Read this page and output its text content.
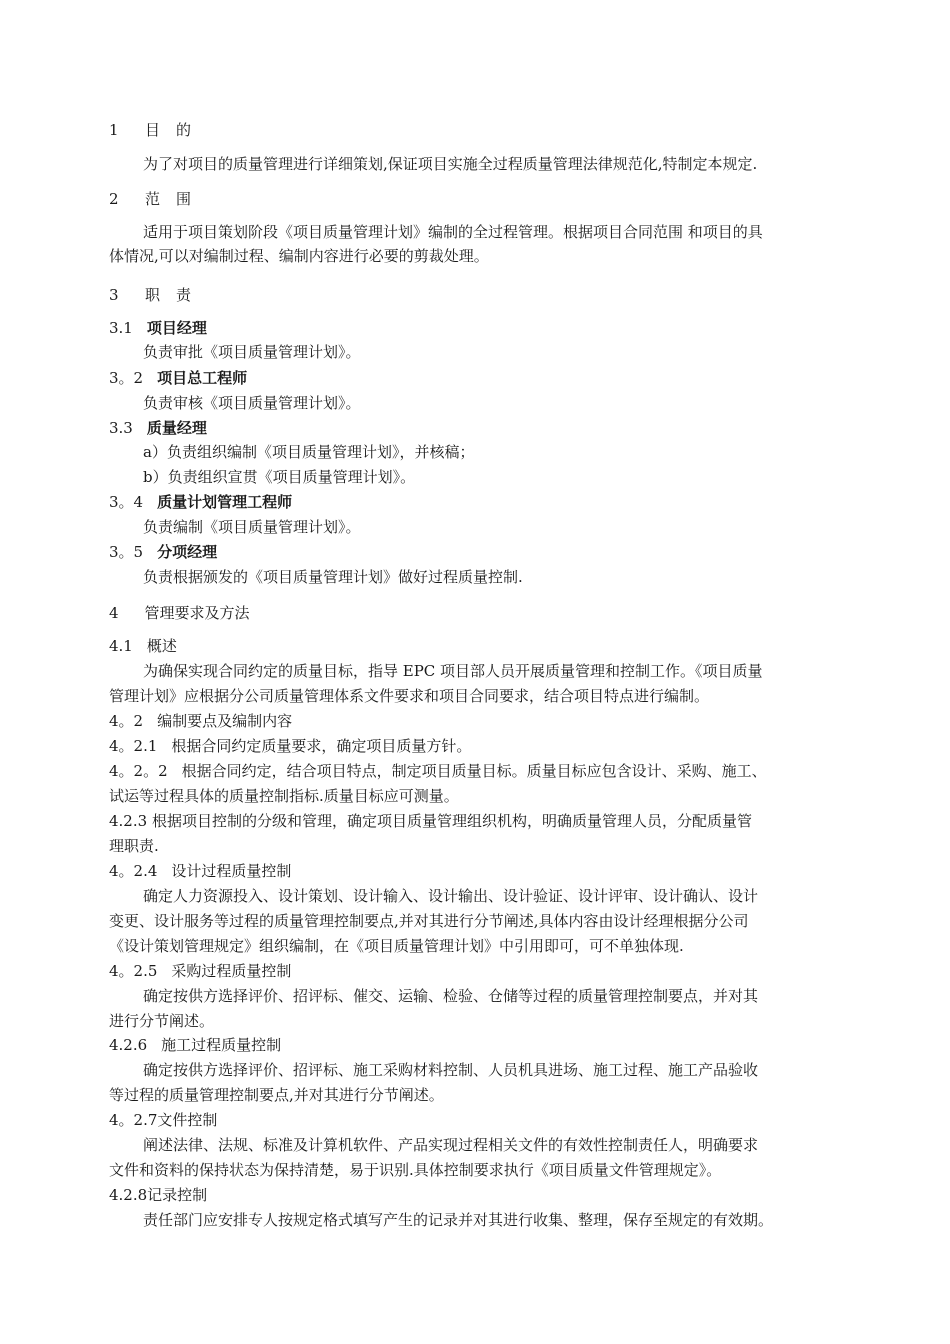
1 目　的
为了对项目的质量管理进行详细策划,保证项目实施全过程质量管理法律规范化,特制定本规定.
2 范　围
适用于项目策划阶段《项目质量管理计划》编制的全过程管理。根据项目合同范围 和项目的具
体情况,可以对编制过程、编制内容进行必要的剪裁处理。
3 职　责
3.1 项目经理
负责审批《项目质量管理计划》。
3。2 项目总工程师
负责审核《项目质量管理计划》。
3.3 质量经理
a）负责组织编制《项目质量管理计划》，并核稿；
b）负责组织宣贯《项目质量管理计划》。
3。4 质量计划管理工程师
负责编制《项目质量管理计划》。
3。5 分项经理
负责根据颁发的《项目质量管理计划》做好过程质量控制.
4 管理要求及方法
4.1 概述
为确保实现合同约定的质量目标，指导 EPC 项目部人员开展质量管理和控制工作。《项目质量
管理计划》应根据分公司质量管理体系文件要求和项目合同要求，结合项目特点进行编制。
4。2 编制要点及编制内容
4。2.1 根据合同约定质量要求，确定项目质量方针。
4。2。2 根据合同约定，结合项目特点，制定项目质量目标。质量目标应包含设计、采购、施工、
试运等过程具体的质量控制指标.质量目标应可测量。
4.2.3 根据项目控制的分级和管理，确定项目质量管理组织机构，明确质量管理人员，分配质量管
理职责.
4。2.4 设计过程质量控制
确定人力资源投入、设计策划、设计输入、设计输出、设计验证、设计评审、设计确认、设计
变更、设计服务等过程的质量管理控制要点,并对其进行分节阐述,具体内容由设计经理根据分公司
《设计策划管理规定》组织编制，在《项目质量管理计划》中引用即可，可不单独体现.
4。2.5 采购过程质量控制
确定按供方选择评价、招评标、催交、运输、检验、仓储等过程的质量管理控制要点，并对其
进行分节阐述。
4.2.6 施工过程质量控制
确定按供方选择评价、招评标、施工采购材料控制、人员机具进场、施工过程、施工产品验收
等过程的质量管理控制要点,并对其进行分节阐述。
4。2.7文件控制
阐述法律、法规、标准及计算机软件、产品实现过程相关文件的有效性控制责任人，明确要求
文件和资料的保持状态为保持清楚，易于识别.具体控制要求执行《项目质量文件管理规定》。
4.2.8记录控制
责任部门应安排专人按规定格式填写产生的记录并对其进行收集、整理，保存至规定的有效期。
